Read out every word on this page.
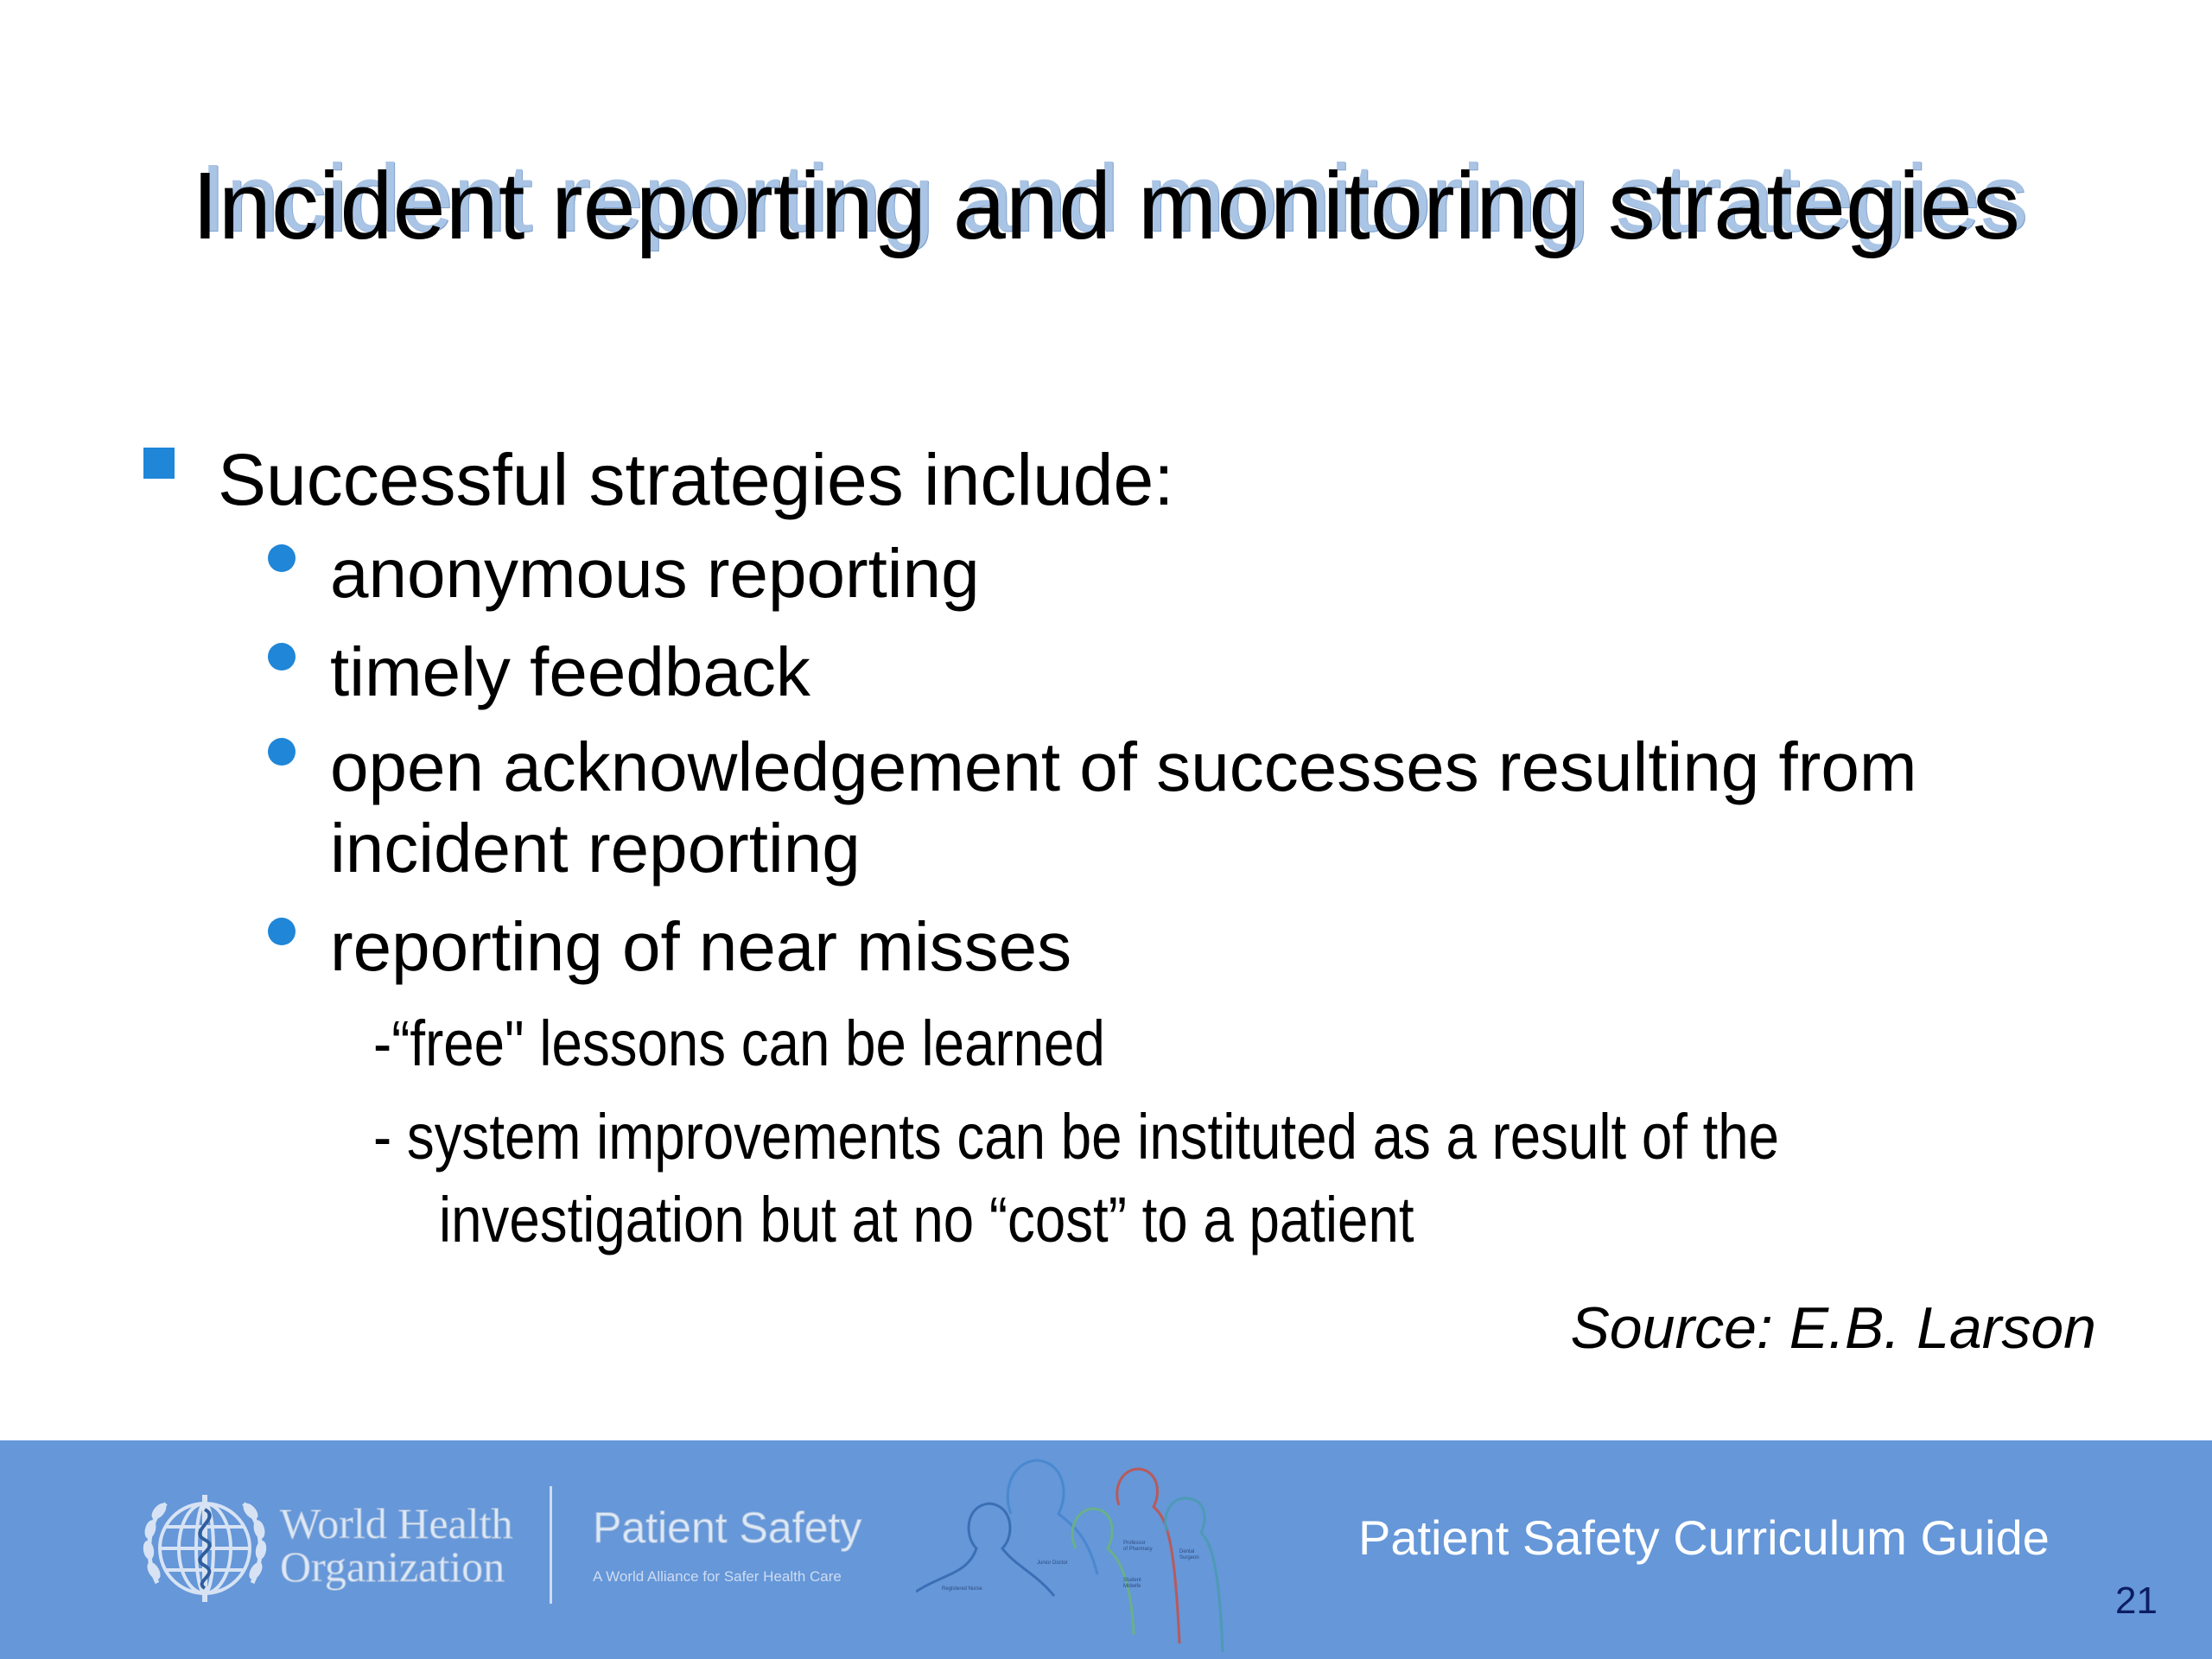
Incident reporting and monitoring strategies
Successful strategies include:
anonymous reporting
timely feedback
open acknowledgement of successes resulting from
incident reporting
reporting of near misses
-“free" lessons can be learned
- system improvements can be instituted as a result of the
investigation but at no “cost” to a patient
Source: E.B. Larson
World Health
Organization
Patient Safety
A World Alliance for Safer Health Care
Registered Nurse
Junior Doctor
Professor
of Pharmacy	Dental
Surgeon
Student
Midwife
Patient Safety Curriculum Guide
21
